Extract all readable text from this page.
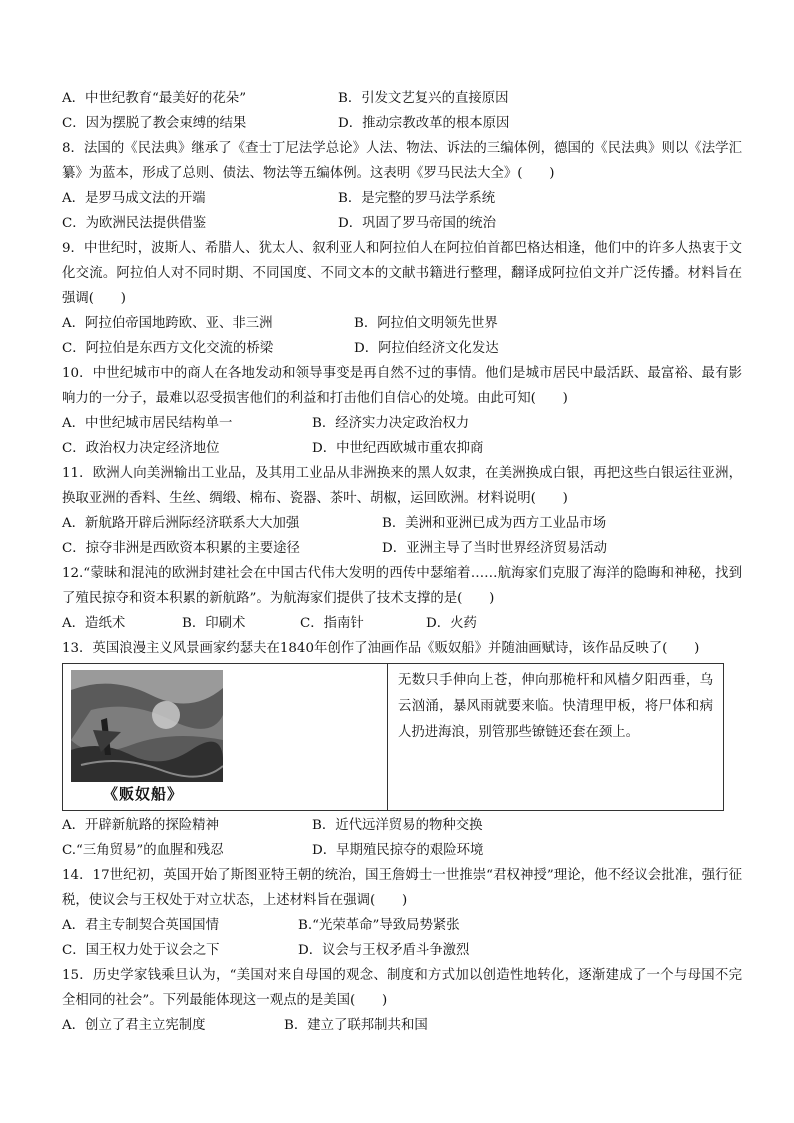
A．中世纪教育“最美好的花朵”	B．引发文艺复兴的直接原因
C．因为摆脱了教会束缚的结果	D．推动宗教改革的根本原因

8．法国的《民法典》继承了《查士丁尼法学总论》人法、物法、诉法的三编体例，德国的《民法典》则以《法学汇纂》为蓝本，形成了总则、债法、物法等五编体例。这表明《罗马民法大全》(　　)

A．是罗马成文法的开端	B．是完整的罗马法学系统
C．为欧洲民法提供借鉴	D．巩固了罗马帝国的统治

9．中世纪时，波斯人、希腊人、犹太人、叙利亚人和阿拉伯人在阿拉伯首都巴格达相逢，他们中的许多人热衷于文化交流。阿拉伯人对不同时期、不同国度、不同文本的文献书籍进行整理，翻译成阿拉伯文并广泛传播。材料旨在强调(　　)

A．阿拉伯帝国地跨欧、亚、非三洲	B．阿拉伯文明领先世界
C．阿拉伯是东西方文化交流的桥梁	D．阿拉伯经济文化发达

10．中世纪城市中的商人在各地发动和领导事变是再自然不过的事情。他们是城市居民中最活跃、最富裕、最有影响力的一分子，最难以忍受损害他们的利益和打击他们自信心的处境。由此可知(　　)

A．中世纪城市居民结构单一	B．经济实力决定政治权力
C．政治权力决定经济地位	D．中世纪西欧城市重农抑商

11．欧洲人向美洲输出工业品，及其用工业品从非洲换来的黑人奴隶，在美洲换成白银，再把这些白银运往亚洲，换取亚洲的香料、生丝、绸缎、棉布、瓷器、茶叶、胡椒，运回欧洲。材料说明(　　)

A．新航路开辟后洲际经济联系大大加强	B．美洲和亚洲已成为西方工业品市场
C．掠夺非洲是西欧资本积累的主要途径	D．亚洲主导了当时世界经济贸易活动

12.“蒙昧和混沌的欧洲封建社会在中国古代伟大发明的西传中瑟缩着……航海家们克服了海洋的隐晦和神秘，找到了殖民掠夺和资本积累的新航路”。为航海家们提供了技术支撑的是(　　)

A．造纸术	B．印刷术	C．指南针	D．火药

13．英国浪漫主义风景画家约瑟夫在1840年创作了油画作品《贩奴船》并随油画赋诗，该作品反映了(　　)

《贩奴船》
无数只手伸向上苍，伸向那桅杆和风樯夕阳西垂，乌云汹涌，暴风雨就要来临。快清理甲板，将尸体和病人扔进海浪，别管那些镣链还套在颈上。
A．开辟新航路的探险精神	B．近代远洋贸易的物种交换
C.“三角贸易”的血腥和残忍	D．早期殖民掠夺的艰险环境

14．17世纪初，英国开始了斯图亚特王朝的统治，国王詹姆士一世推崇“君权神授”理论，他不经议会批准，强行征税，使议会与王权处于对立状态，上述材料旨在强调(　　)

A．君主专制契合英国国情	B.“光荣革命”导致局势紧张
C．国王权力处于议会之下	D．议会与王权矛盾斗争激烈

15．历史学家钱乘旦认为，“美国对来自母国的观念、制度和方式加以创造性地转化，逐渐建成了一个与母国不完全相同的社会”。下列最能体现这一观点的是美国(　　)

A．创立了君主立宪制度	B．建立了联邦制共和国
